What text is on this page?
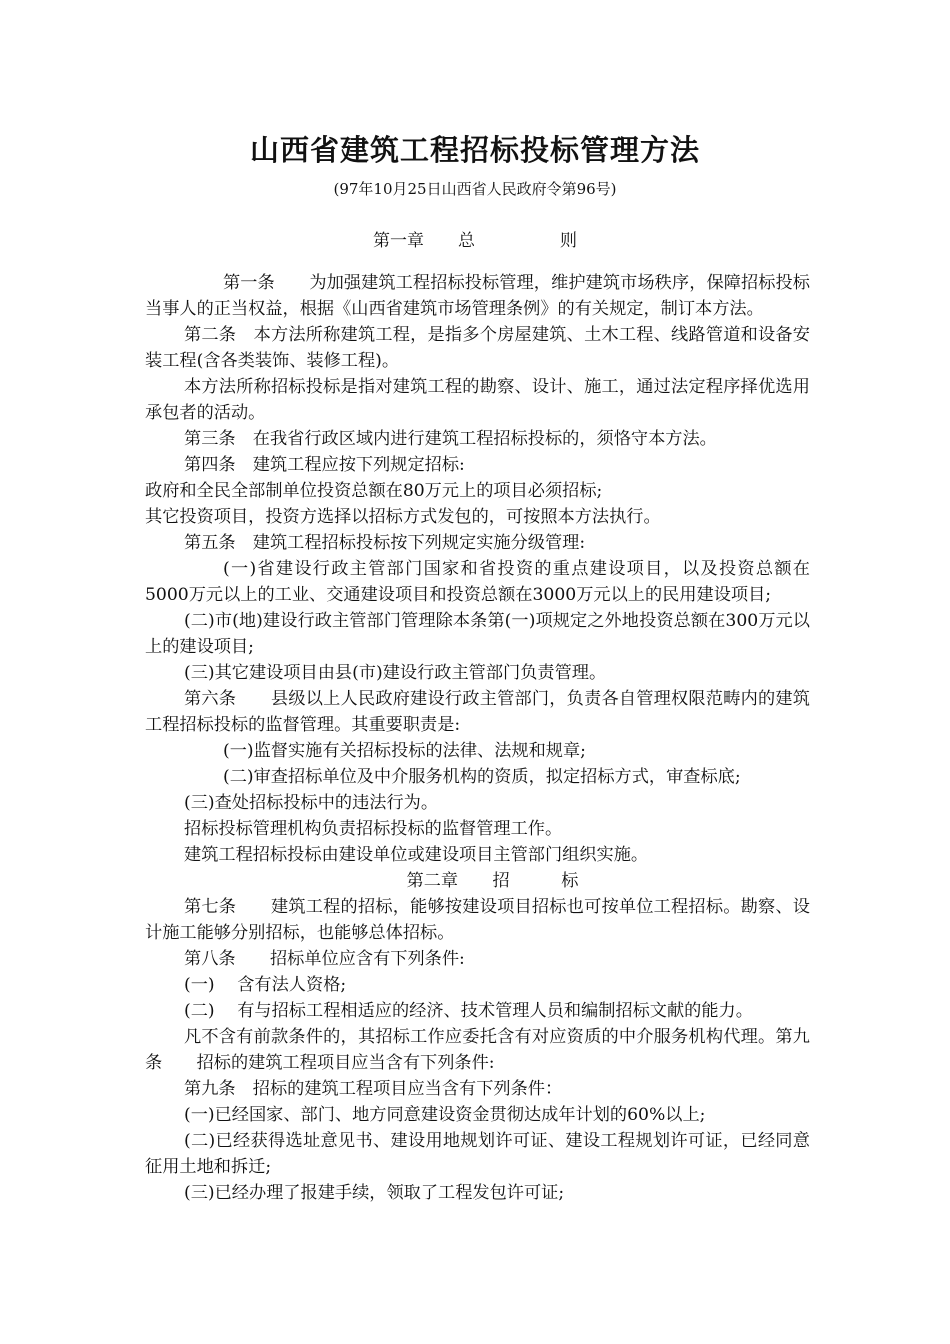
山西省建筑工程招标投标管理方法
(97年10月25日山西省人民政府令第96号)
第一章　　总　　　　　则

第一条　　为加强建筑工程招标投标管理，维护建筑市场秩序，保障招标投标当事人的正当权益，根据《山西省建筑市场管理条例》的有关规定，制订本方法。

第二条　本方法所称建筑工程，是指多个房屋建筑、土木工程、线路管道和设备安装工程(含各类装饰、装修工程)。

本方法所称招标投标是指对建筑工程的勘察、设计、施工，通过法定程序择优选用承包者的活动。

第三条　在我省行政区域内进行建筑工程招标投标的，须恪守本方法。

第四条　建筑工程应按下列规定招标:

政府和全民全部制单位投资总额在80万元上的项目必须招标;

其它投资项目，投资方选择以招标方式发包的，可按照本方法执行。

第五条　建筑工程招标投标按下列规定实施分级管理:

(一)省建设行政主管部门国家和省投资的重点建设项目，以及投资总额在5000万元以上的工业、交通建设项目和投资总额在3000万元以上的民用建设项目;

(二)市(地)建设行政主管部门管理除本条第(一)项规定之外地投资总额在300万元以上的建设项目;

(三)其它建设项目由县(市)建设行政主管部门负责管理。

第六条　　县级以上人民政府建设行政主管部门，负责各自管理权限范畴内的建筑工程招标投标的监督管理。其重要职责是:

(一)监督实施有关招标投标的法律、法规和规章;

(二)审查招标单位及中介服务机构的资质，拟定招标方式，审查标底;

(三)查处招标投标中的违法行为。

招标投标管理机构负责招标投标的监督管理工作。

建筑工程招标投标由建设单位或建设项目主管部门组织实施。

第二章　　招　　　标

第七条　　建筑工程的招标，能够按建设项目招标也可按单位工程招标。勘察、设计施工能够分别招标，也能够总体招标。

第八条　　招标单位应含有下列条件:

(一)　 含有法人资格;

(二)　 有与招标工程相适应的经济、技术管理人员和编制招标文献的能力。

凡不含有前款条件的，其招标工作应委托含有对应资质的中介服务机构代理。第九条　　招标的建筑工程项目应当含有下列条件:

第九条　招标的建筑工程项目应当含有下列条件：

(一)已经国家、部门、地方同意建设资金贯彻达成年计划的60%以上;

(二)已经获得选址意见书、建设用地规划许可证、建设工程规划许可证，已经同意征用土地和拆迁;

(三)已经办理了报建手续，领取了工程发包许可证;
